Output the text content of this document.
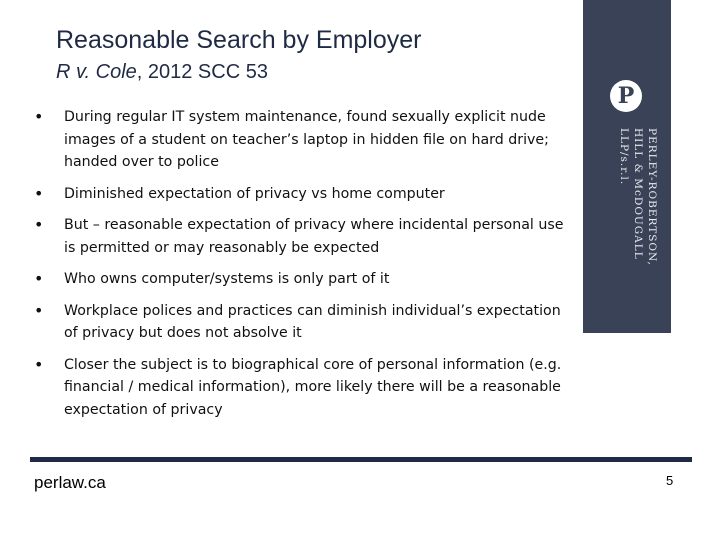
Reasonable Search by Employer
R v. Cole, 2012 SCC 53
P
PERLEY-ROBERTSON, HILL & McDOUGALL LLP/s.r.l.
• During regular IT system maintenance, found sexually explicit nude images of a student on teacher’s laptop in hidden file on hard drive; handed over to police
• Diminished expectation of privacy vs home computer
• But – reasonable expectation of privacy where incidental personal use is permitted or may reasonably be expected
• Who owns computer/systems is only part of it
• Workplace polices and practices can diminish individual’s expectation of privacy but does not absolve it
• Closer the subject is to biographical core of personal information (e.g. financial / medical information), more likely there will be a reasonable expectation of privacy
perlaw.ca	5
